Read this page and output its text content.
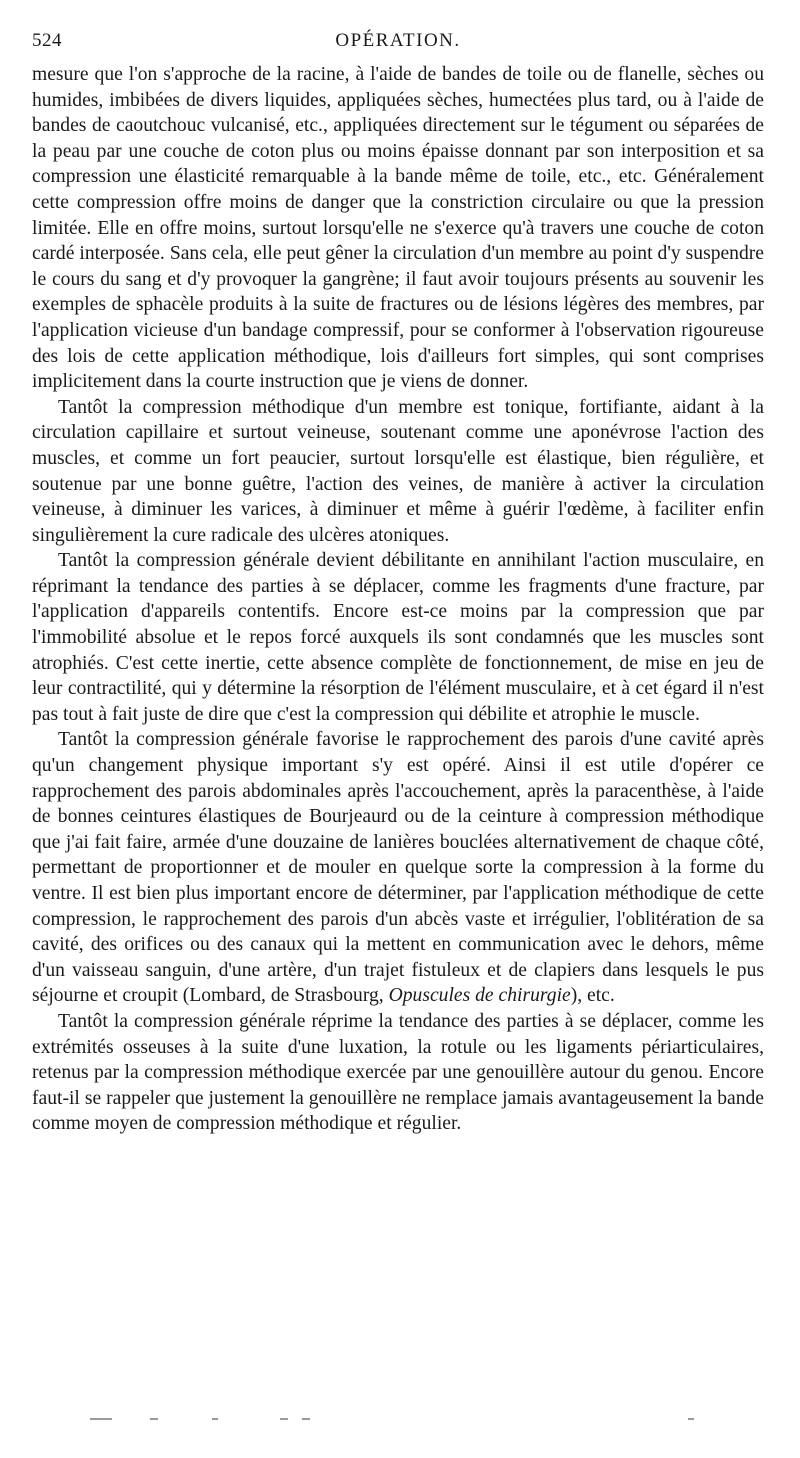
524	OPÉRATION.

mesure que l'on s'approche de la racine, à l'aide de bandes de toile ou de flanelle, sèches ou humides, imbibées de divers liquides, appliquées sèches, humectées plus tard, ou à l'aide de bandes de caoutchouc vulcanisé, etc., appliquées directement sur le tégument ou séparées de la peau par une couche de coton plus ou moins épaisse donnant par son interposition et sa compression une élasticité remarquable à la bande même de toile, etc., etc. Généralement cette compression offre moins de danger que la constriction circulaire ou que la pression limitée. Elle en offre moins, surtout lorsqu'elle ne s'exerce qu'à travers une couche de coton cardé interposée. Sans cela, elle peut gêner la circulation d'un membre au point d'y suspendre le cours du sang et d'y provoquer la gangrène; il faut avoir toujours présents au souvenir les exemples de sphacèle produits à la suite de fractures ou de lésions légères des membres, par l'application vicieuse d'un bandage compressif, pour se conformer à l'observation rigoureuse des lois de cette application méthodique, lois d'ailleurs fort simples, qui sont comprises implicitement dans la courte instruction que je viens de donner.

Tantôt la compression méthodique d'un membre est tonique, fortifiante, aidant à la circulation capillaire et surtout veineuse, soutenant comme une aponévrose l'action des muscles, et comme un fort peaucier, surtout lorsqu'elle est élastique, bien régulière, et soutenue par une bonne guêtre, l'action des veines, de manière à activer la circulation veineuse, à diminuer les varices, à diminuer et même à guérir l'œdème, à faciliter enfin singulièrement la cure radicale des ulcères atoniques.

Tantôt la compression générale devient débilitante en annihilant l'action musculaire, en réprimant la tendance des parties à se déplacer, comme les fragments d'une fracture, par l'application d'appareils contentifs. Encore est-ce moins par la compression que par l'immobilité absolue et le repos forcé auxquels ils sont condamnés que les muscles sont atrophiés. C'est cette inertie, cette absence complète de fonctionnement, de mise en jeu de leur contractilité, qui y détermine la résorption de l'élément musculaire, et à cet égard il n'est pas tout à fait juste de dire que c'est la compression qui débilite et atrophie le muscle.

Tantôt la compression générale favorise le rapprochement des parois d'une cavité après qu'un changement physique important s'y est opéré. Ainsi il est utile d'opérer ce rapprochement des parois abdominales après l'accouchement, après la paracenthèse, à l'aide de bonnes ceintures élastiques de Bourjeaurd ou de la ceinture à compression méthodique que j'ai fait faire, armée d'une douzaine de lanières bouclées alternativement de chaque côté, permettant de proportionner et de mouler en quelque sorte la compression à la forme du ventre. Il est bien plus important encore de déterminer, par l'application méthodique de cette compression, le rapprochement des parois d'un abcès vaste et irrégulier, l'oblitération de sa cavité, des orifices ou des canaux qui la mettent en communication avec le dehors, même d'un vaisseau sanguin, d'une artère, d'un trajet fistuleux et de clapiers dans lesquels le pus séjourne et croupit (Lombard, de Strasbourg, Opuscules de chirurgie), etc.

Tantôt la compression générale réprime la tendance des parties à se déplacer, comme les extrémités osseuses à la suite d'une luxation, la rotule ou les ligaments périarticulaires, retenus par la compression méthodique exercée par une genouillère autour du genou. Encore faut-il se rappeler que justement la genouillère ne remplace jamais avantageusement la bande comme moyen de compression méthodique et régulier.
